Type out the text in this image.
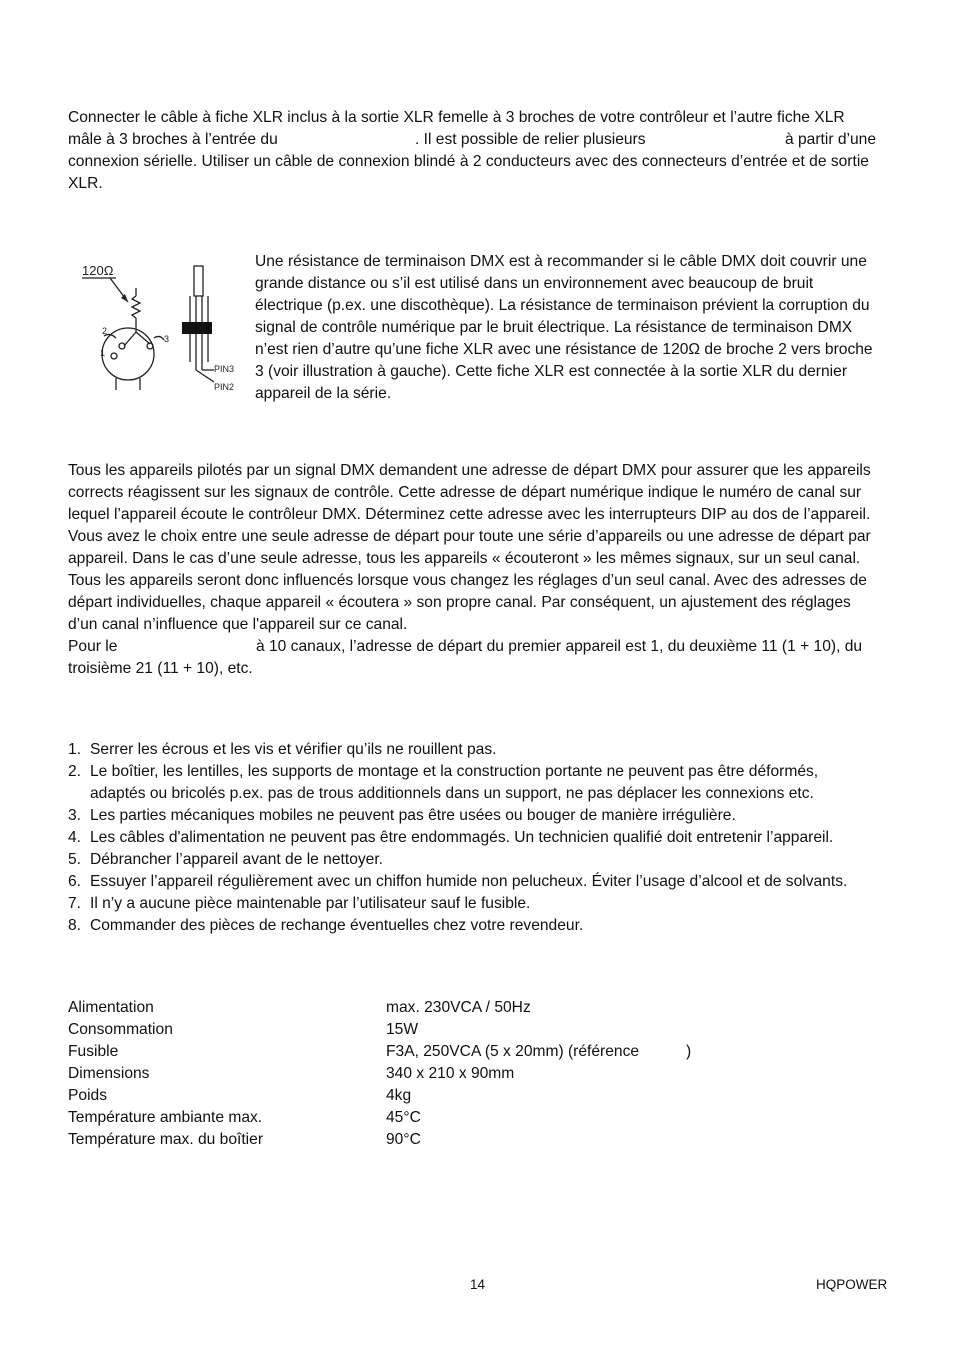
Connecter le câble à fiche XLR inclus à la sortie XLR femelle à 3 broches de votre contrôleur et l’autre fiche XLR
mâle à 3 broches à l’entrée du	. Il est possible de relier plusieurs	à partir d’une
connexion sérielle. Utiliser un câble de connexion blindé à 2 conducteurs avec des connecteurs d’entrée et de sortie
XLR.
120Ω
2
3
1
PIN3
PIN2
Une résistance de terminaison DMX est à recommander si le câble DMX doit couvrir une
grande distance ou s’il est utilisé dans un environnement avec beaucoup de bruit
électrique (p.ex. une discothèque). La résistance de terminaison prévient la corruption du
signal de contrôle numérique par le bruit électrique. La résistance de terminaison DMX
n’est rien d’autre qu’une fiche XLR avec une résistance de 120Ω de broche 2 vers broche
3 (voir illustration à gauche). Cette fiche XLR est connectée à la sortie XLR du dernier
appareil de la série.
Tous les appareils pilotés par un signal DMX demandent une adresse de départ DMX pour assurer que les appareils
corrects réagissent sur les signaux de contrôle. Cette adresse de départ numérique indique le numéro de canal sur
lequel l’appareil écoute le contrôleur DMX. Déterminez cette adresse avec les interrupteurs DIP au dos de l’appareil.
Vous avez le choix entre une seule adresse de départ pour toute une série d’appareils ou une adresse de départ par
appareil. Dans le cas d’une seule adresse, tous les appareils « écouteront » les mêmes signaux, sur un seul canal.
Tous les appareils seront donc influencés lorsque vous changez les réglages d’un seul canal. Avec des adresses de
départ individuelles, chaque appareil « écoutera » son propre canal. Par conséquent, un ajustement des réglages
d’un canal n’influence que l'appareil sur ce canal.
Pour le	à 10 canaux, l’adresse de départ du premier appareil est 1, du deuxième 11 (1 + 10), du
troisième 21 (11 + 10), etc.
1. Serrer les écrous et les vis et vérifier qu’ils ne rouillent pas.
2. Le boîtier, les lentilles, les supports de montage et la construction portante ne peuvent pas être déformés,
adaptés ou bricolés p.ex. pas de trous additionnels dans un support, ne pas déplacer les connexions etc.
3. Les parties mécaniques mobiles ne peuvent pas être usées ou bouger de manière irrégulière.
4. Les câbles d'alimentation ne peuvent pas être endommagés. Un technicien qualifié doit entretenir l’appareil.
5. Débrancher l’appareil avant de le nettoyer.
6. Essuyer l’appareil régulièrement avec un chiffon humide non pelucheux. Éviter l’usage d’alcool et de solvants.
7. Il n’y a aucune pièce maintenable par l’utilisateur sauf le fusible.
8. Commander des pièces de rechange éventuelles chez votre revendeur.
Alimentation	max. 230VCA / 50Hz
Consommation	15W
Fusible	F3A, 250VCA (5 x 20mm) (référence	)
Dimensions	340 x 210 x 90mm
Poids	4kg
Température ambiante max.	45°C
Température max. du boîtier	90°C
14	HQPOWER
